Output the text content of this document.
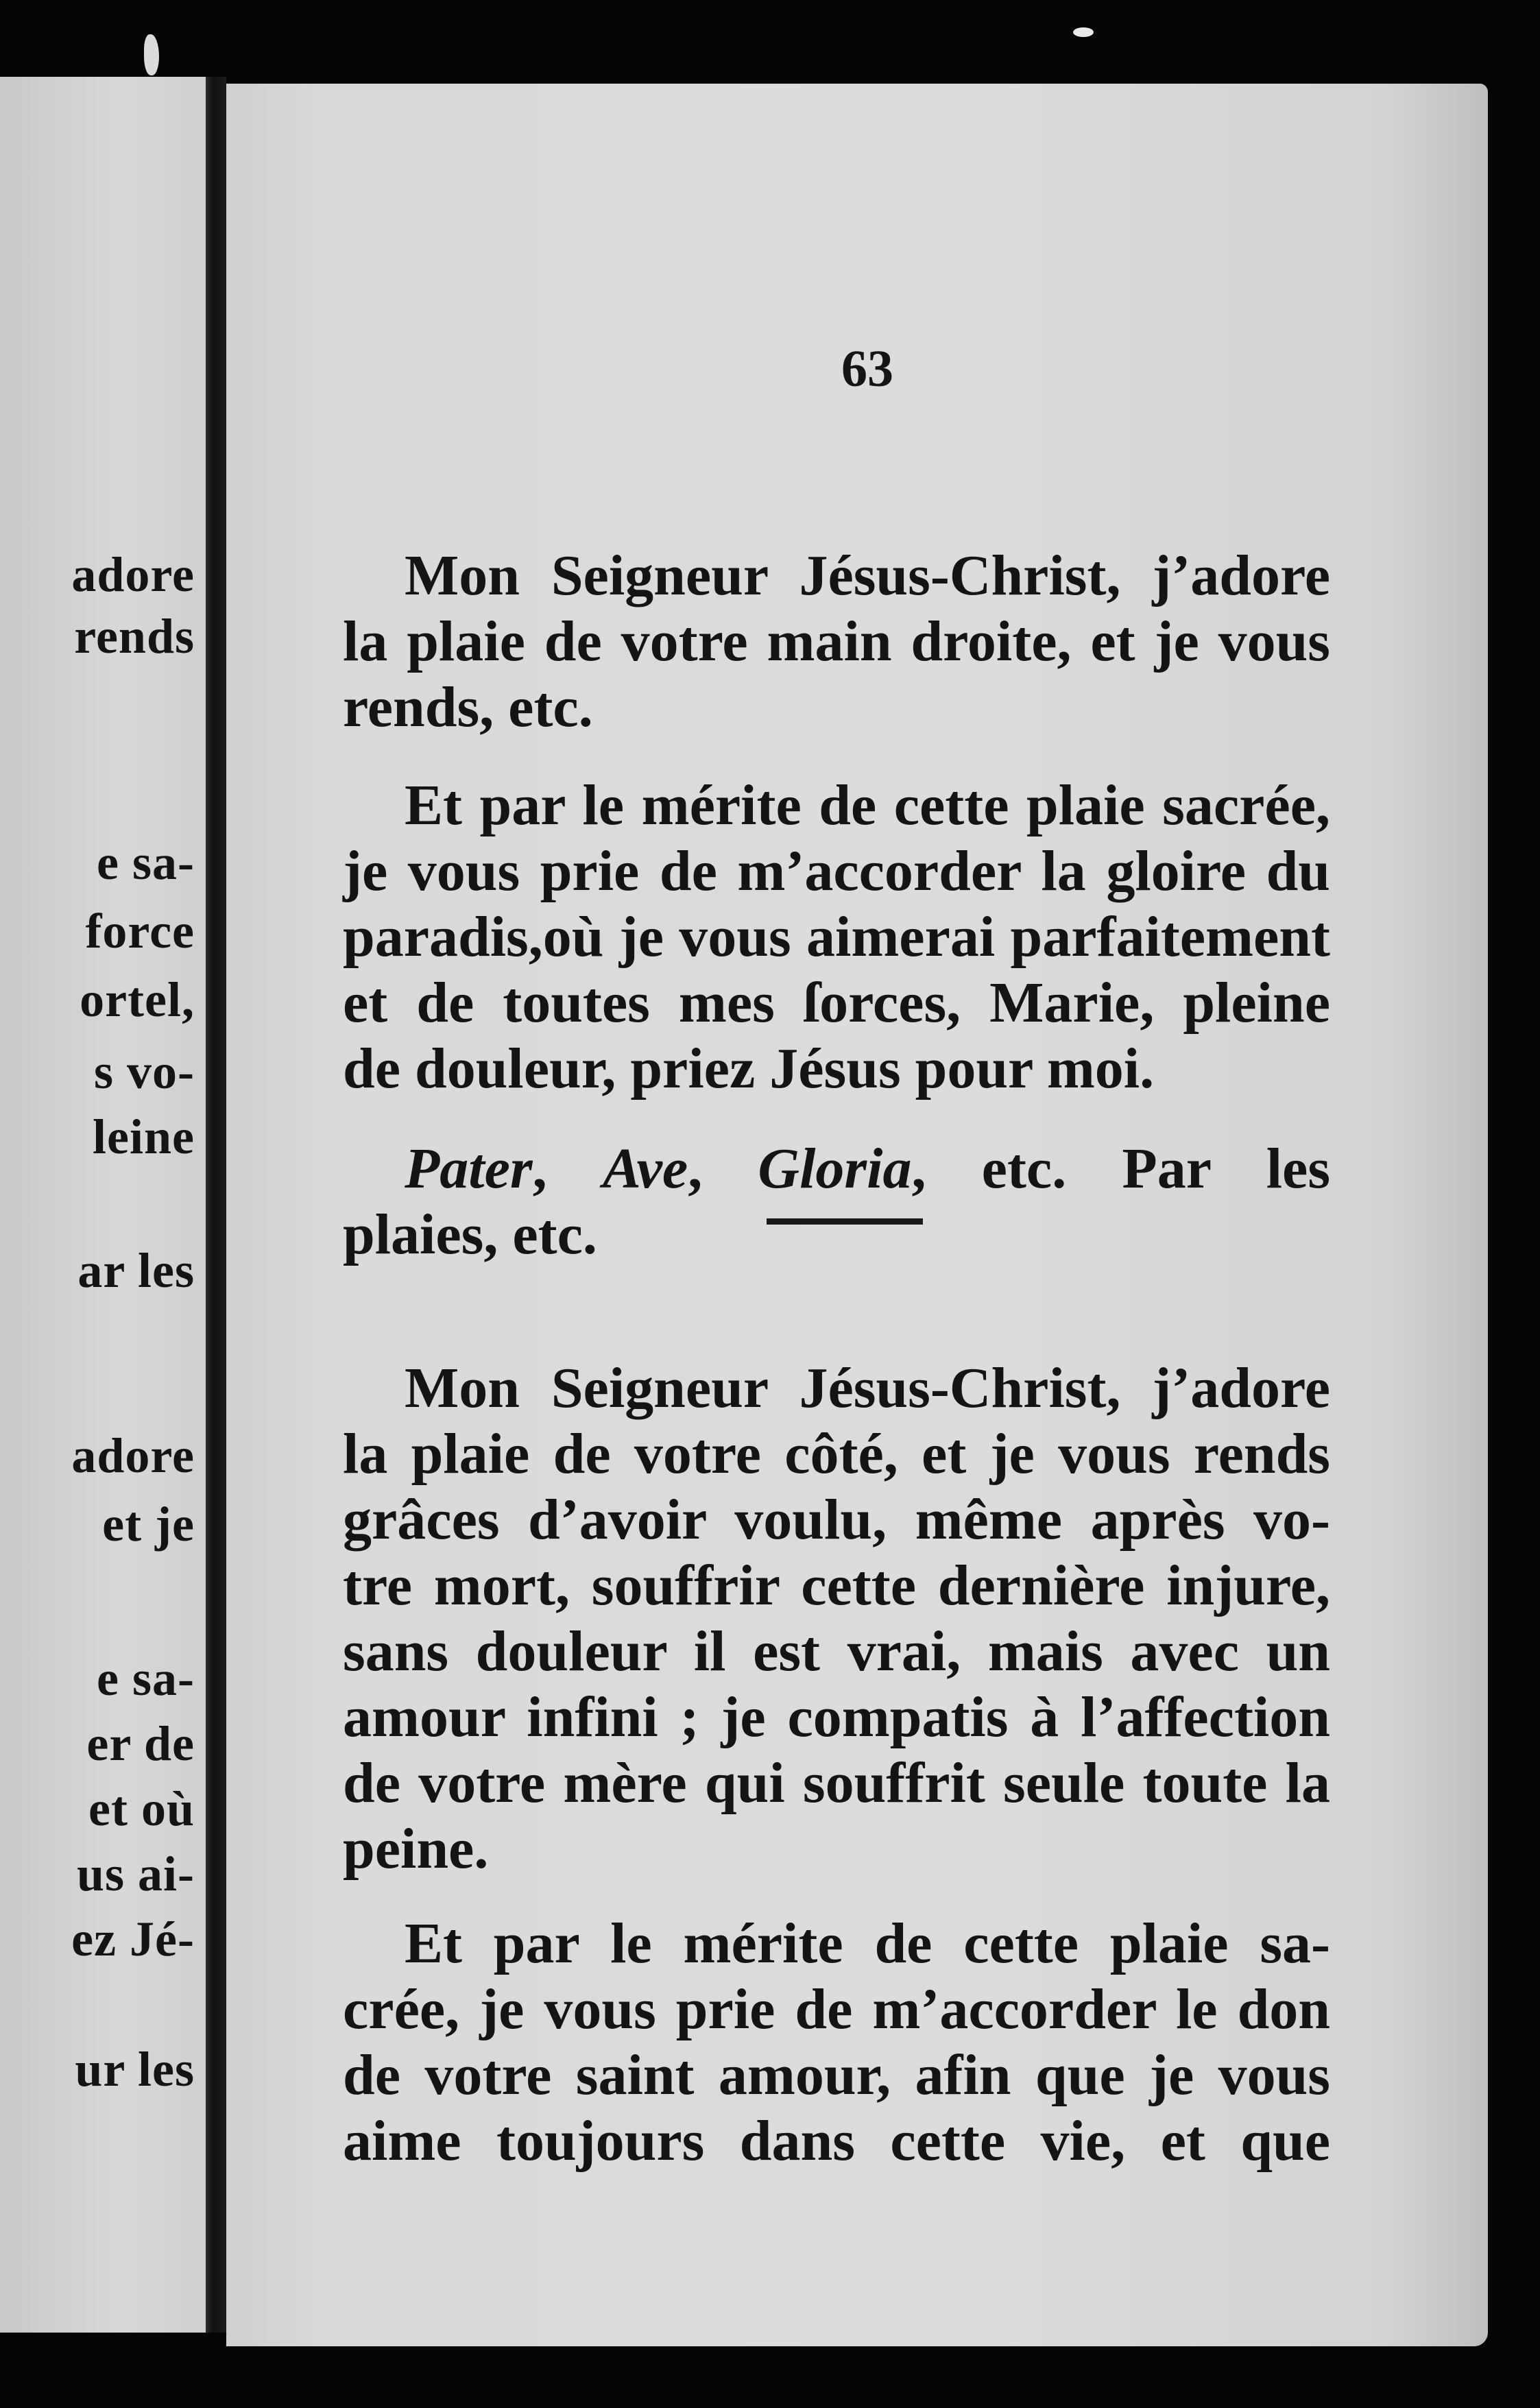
adore
rends
e sa-
force
ortel,
s vo-
leine
ar les
adore
et je
e sa-
er de
et où
us ai-
ez Jé-
ur les
63
Mon Seigneur Jésus-Christ, j’adore
la plaie de votre main droite, et je vous
rends, etc.
Et par le mérite de cette plaie sacrée,
je vous prie de m’accorder la gloire du
paradis,où je vous aimerai parfaitement
et de toutes mes ſorces, Marie, pleine
de douleur, priez Jésus pour moi.
Pater, Ave, Gloria, etc. Par les
plaies, etc.
Mon Seigneur Jésus-Christ, j’adore
la plaie de votre côté, et je vous rends
grâces d’avoir voulu, même après vo-
tre mort, souffrir cette dernière injure,
sans douleur il est vrai, mais avec un
amour infini ; je compatis à l’affection
de votre mère qui souffrit seule toute la
peine.
Et par le mérite de cette plaie sa-
crée, je vous prie de m’accorder le don
de votre saint amour, afin que je vous
aime toujours dans cette vie, et que
